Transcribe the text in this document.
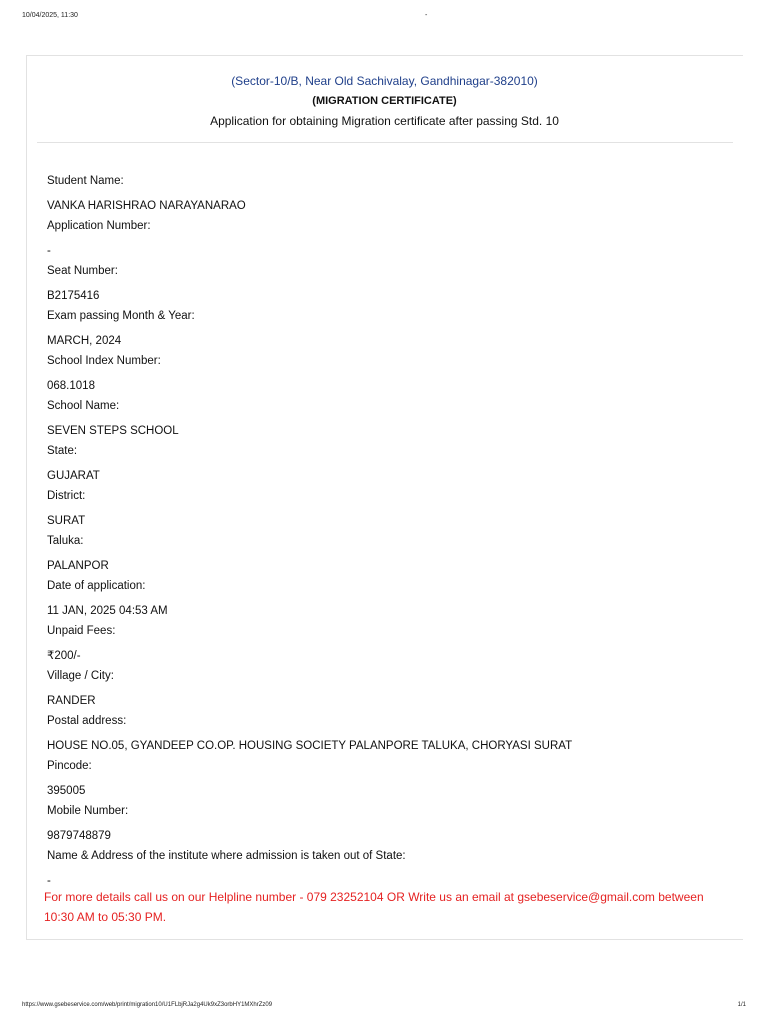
10/04/2025, 11:30	-
(Sector-10/B, Near Old Sachivalay, Gandhinagar-382010)
(MIGRATION CERTIFICATE)
Application for obtaining Migration certificate after passing Std. 10
Student Name:
VANKA HARISHRAO NARAYANARAO
Application Number:
-
Seat Number:
B2175416
Exam passing Month & Year:
MARCH, 2024
School Index Number:
068.1018
School Name:
SEVEN STEPS SCHOOL
State:
GUJARAT
District:
SURAT
Taluka:
PALANPOR
Date of application:
11 JAN, 2025 04:53 AM
Unpaid Fees:
₹200/-
Village / City:
RANDER
Postal address:
HOUSE NO.05, GYANDEEP CO.OP. HOUSING SOCIETY PALANPORE TALUKA, CHORYASI SURAT
Pincode:
395005
Mobile Number:
9879748879
Name & Address of the institute where admission is taken out of State:
-
For more details call us on our Helpline number - 079 23252104 OR Write us an email at gsebeservice@gmail.com between 10:30 AM to 05:30 PM.
https://www.gsebeservice.com/web/print/migration10/U1FLbjRJa2g4Uk9xZ3orbHY1MXhrZz09	1/1
